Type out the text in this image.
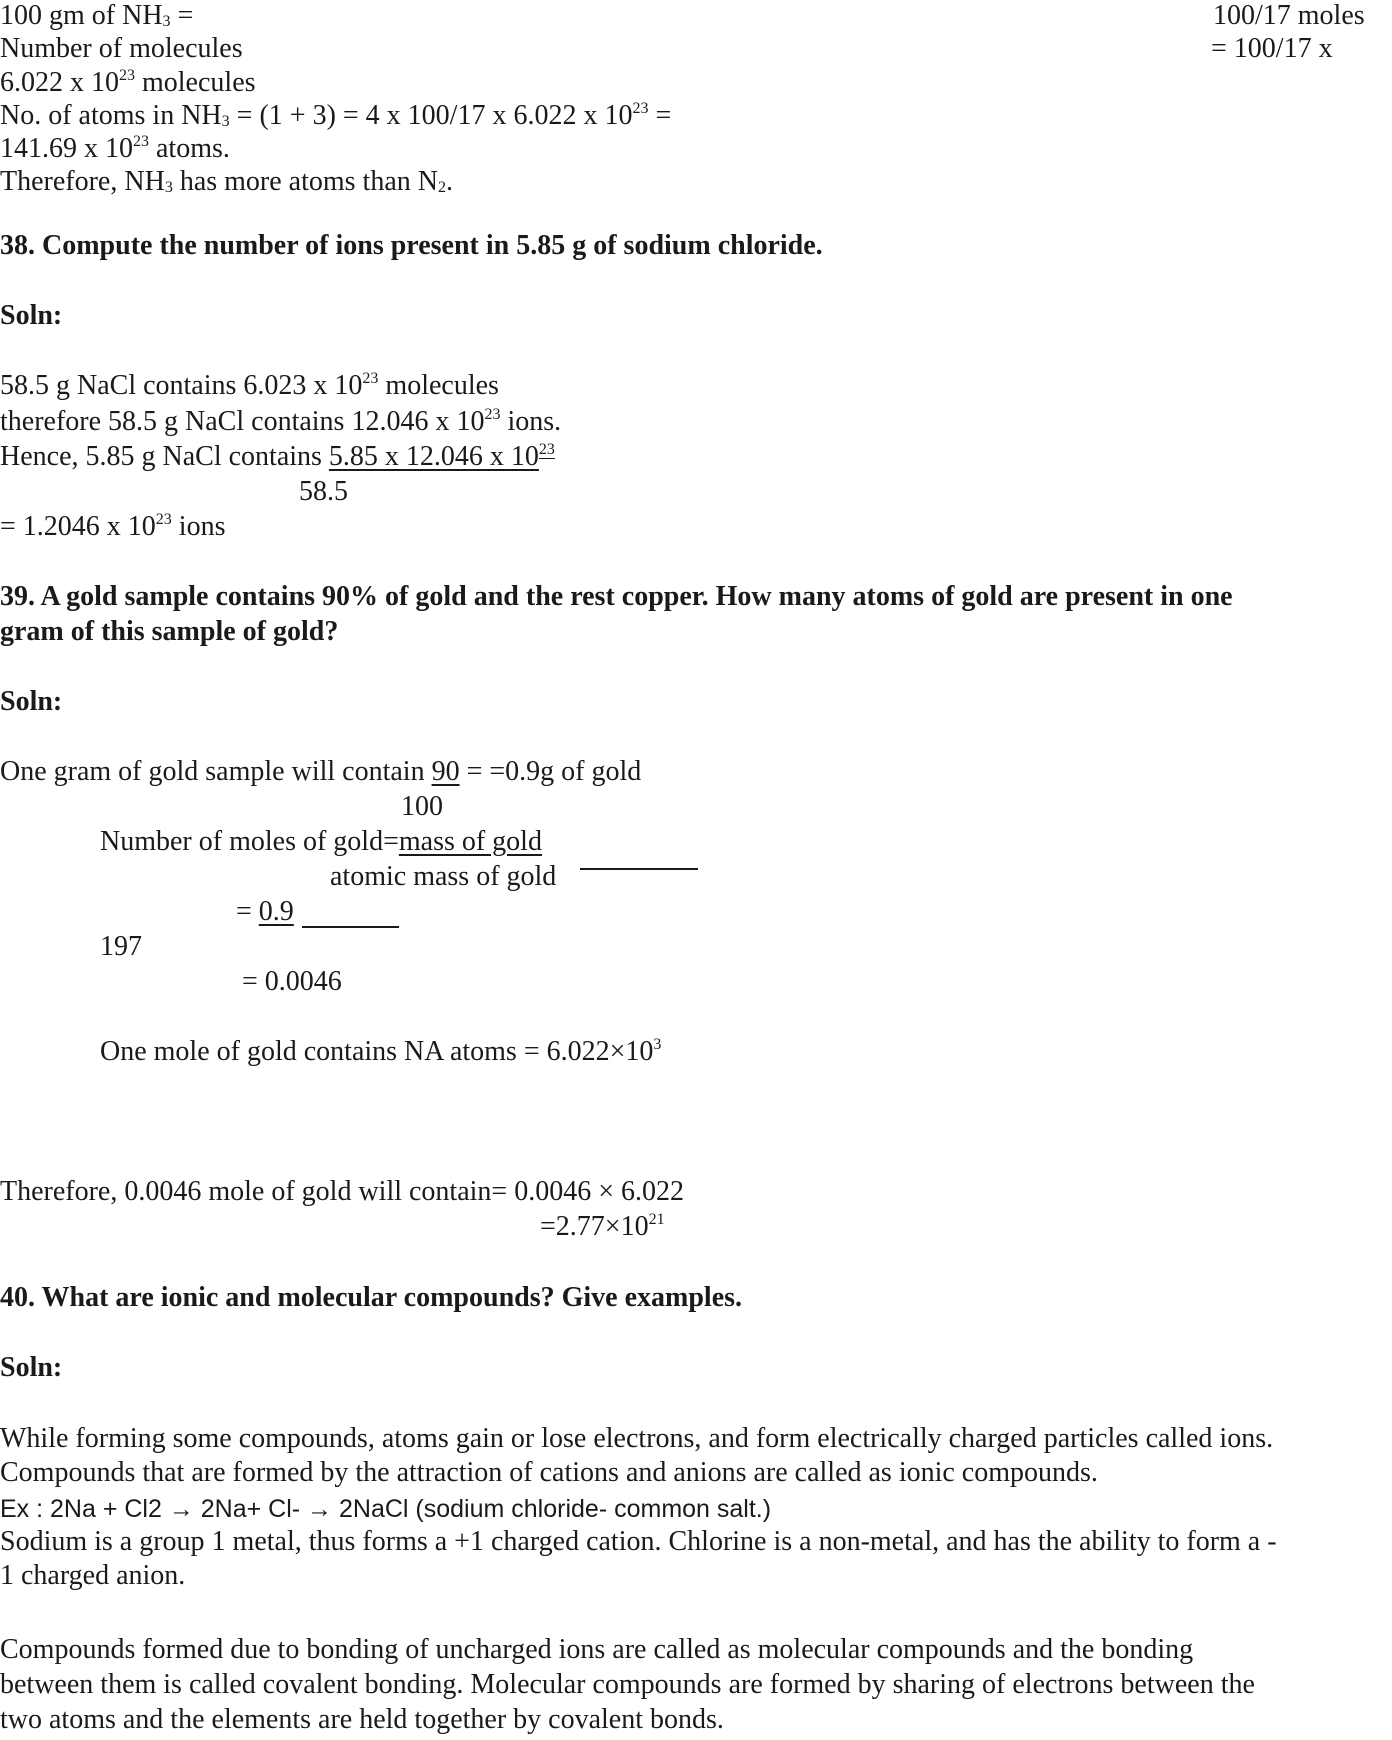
100 gm of $NH_3$ =	100/17 moles
Number of molecules	= 100/17 x
6.022 x $10^{23}$ molecules
No. of atoms in $NH_3 = (1 + 3) = 4$ x 100/17 x 6.022 x $10^{23}$ =
141.69 x $10^{23}$ atoms.
Therefore, $NH_3$ has more atoms than $N_2$.
38. Compute the number of ions present in 5.85 g of sodium chloride.
Soln:
58.5 g NaCl contains 6.023 x $10^{23}$ molecules
therefore 58.5 g NaCl contains 12.046 x $10^{23}$ ions.
Hence, 5.85 g NaCl contains 5.85 x 12.046 x $10^{23}$
58.5
= 1.2046 x $10^{23}$ ions
39. A gold sample contains 90% of gold and the rest copper. How many atoms of gold are present in one
gram of this sample of gold?
Soln:
One gram of gold sample will contain 90 = =0.9g of gold
100
Number of moles of gold=mass of gold
atomic mass of gold
= 0.9
197
= 0.0046
One mole of gold contains NA atoms = $6.022\times 10^3$
Therefore, 0.0046 mole of gold will contain= 0.0046 × 6.022
$=2.77\times 10^{21}$
40. What are ionic and molecular compounds? Give examples.
Soln:
While forming some compounds, atoms gain or lose electrons, and form electrically charged particles called ions.
Compounds that are formed by the attraction of cations and anions are called as ionic compounds.
Ex : 2Na + Cl2 → 2Na+ Cl- → 2NaCl (sodium chloride- common salt.)
Sodium is a group 1 metal, thus forms a +1 charged cation. Chlorine is a non-metal, and has the ability to form a -
1 charged anion.
Compounds formed due to bonding of uncharged ions are called as molecular compounds and the bonding
between them is called covalent bonding. Molecular compounds are formed by sharing of electrons between the
two atoms and the elements are held together by covalent bonds.
